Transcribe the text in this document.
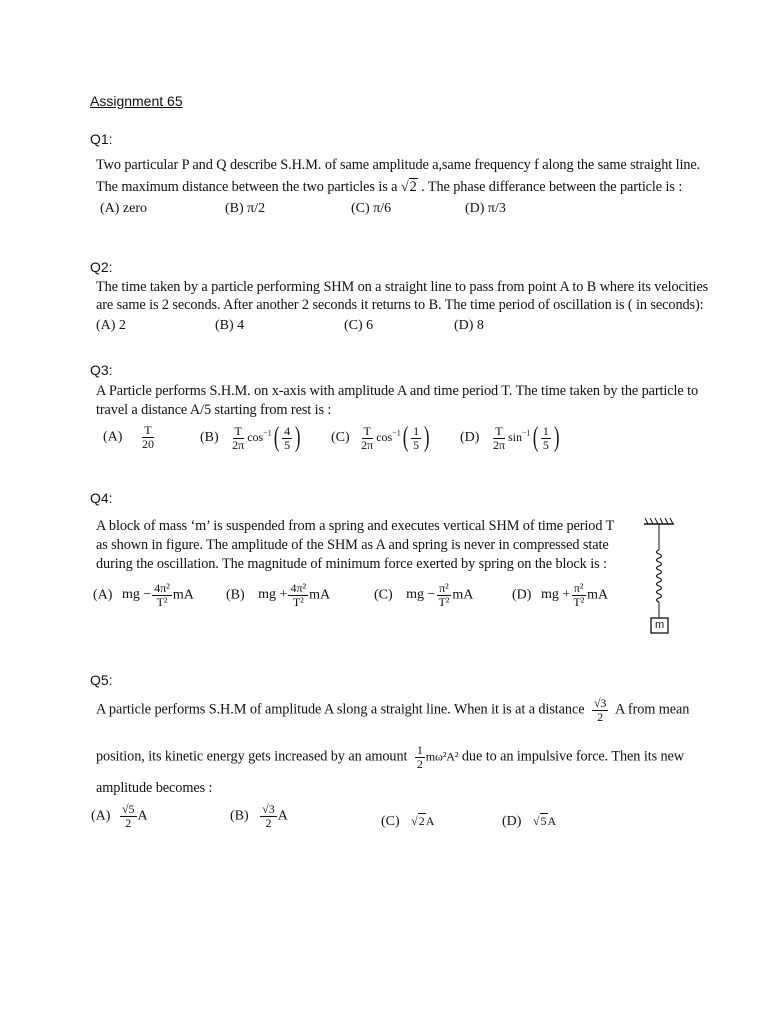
Assignment 65
Q1:
Two particular P and Q describe S.H.M. of same amplitude a,same frequency f along the same straight line.
The maximum distance between the two particles is a √2 . The phase differance between the particle is :
(A) zero	(B) π/2	(C) π/6	(D) π/3
Q2:
The time taken by a particle performing SHM on a straight line to pass from point A to B where its velocities
are same is 2 seconds. After another 2 seconds it returns to B. The time period of oscillation is ( in seconds):
(A) 2	(B) 4	(C) 6	(D) 8
Q3:
A Particle performs S.H.M. on x-axis with amplitude A and time period T. The time taken by the particle to
travel a distance A/5 starting from rest is :
$(A) \frac{T}{20}$	$(B) \frac{T}{2\pi} \cos^{-1}( \frac{4}{5}$ ) $(C) \frac{T}{2\pi} \cos^{-1}( \frac{1}{5}$ ) $(D) \frac{T}{2\pi} \sin^{-1}( \frac{1}{5}$ )
Q4:
A block of mass ‘m’ is suspended from a spring and executes vertical SHM of time period T
as shown in figure. The amplitude of the SHM as A and spring is never in compressed state
during the oscillation. The magnitude of minimum force exerted by spring on the block is :
(A) mg − $\frac{\text{4π²}}{\text{T²}}$ mA (B) mg + $\frac{\text{4π²}}{\text{T²}}$ mA	(C) mg − $\frac{\text{π²}}{\text{T²}}$ mA	(D) mg + $\frac{\text{π²}}{\text{T²}}$ mA
m
Q5:
A particle performs S.H.M of amplitude A slong a straight line. When it is at a distance $\frac{√3}{2}$ A from mean
position, its kinetic energy gets increased by an amount $\frac{1}{2} m\omega^2A^2$ due to an impulsive force. Then its new
amplitude becomes :
$(A) \frac{√5}{2}$ A	$(B) \frac{√3}{2}$ A	(C) √2A	(D) √5A
